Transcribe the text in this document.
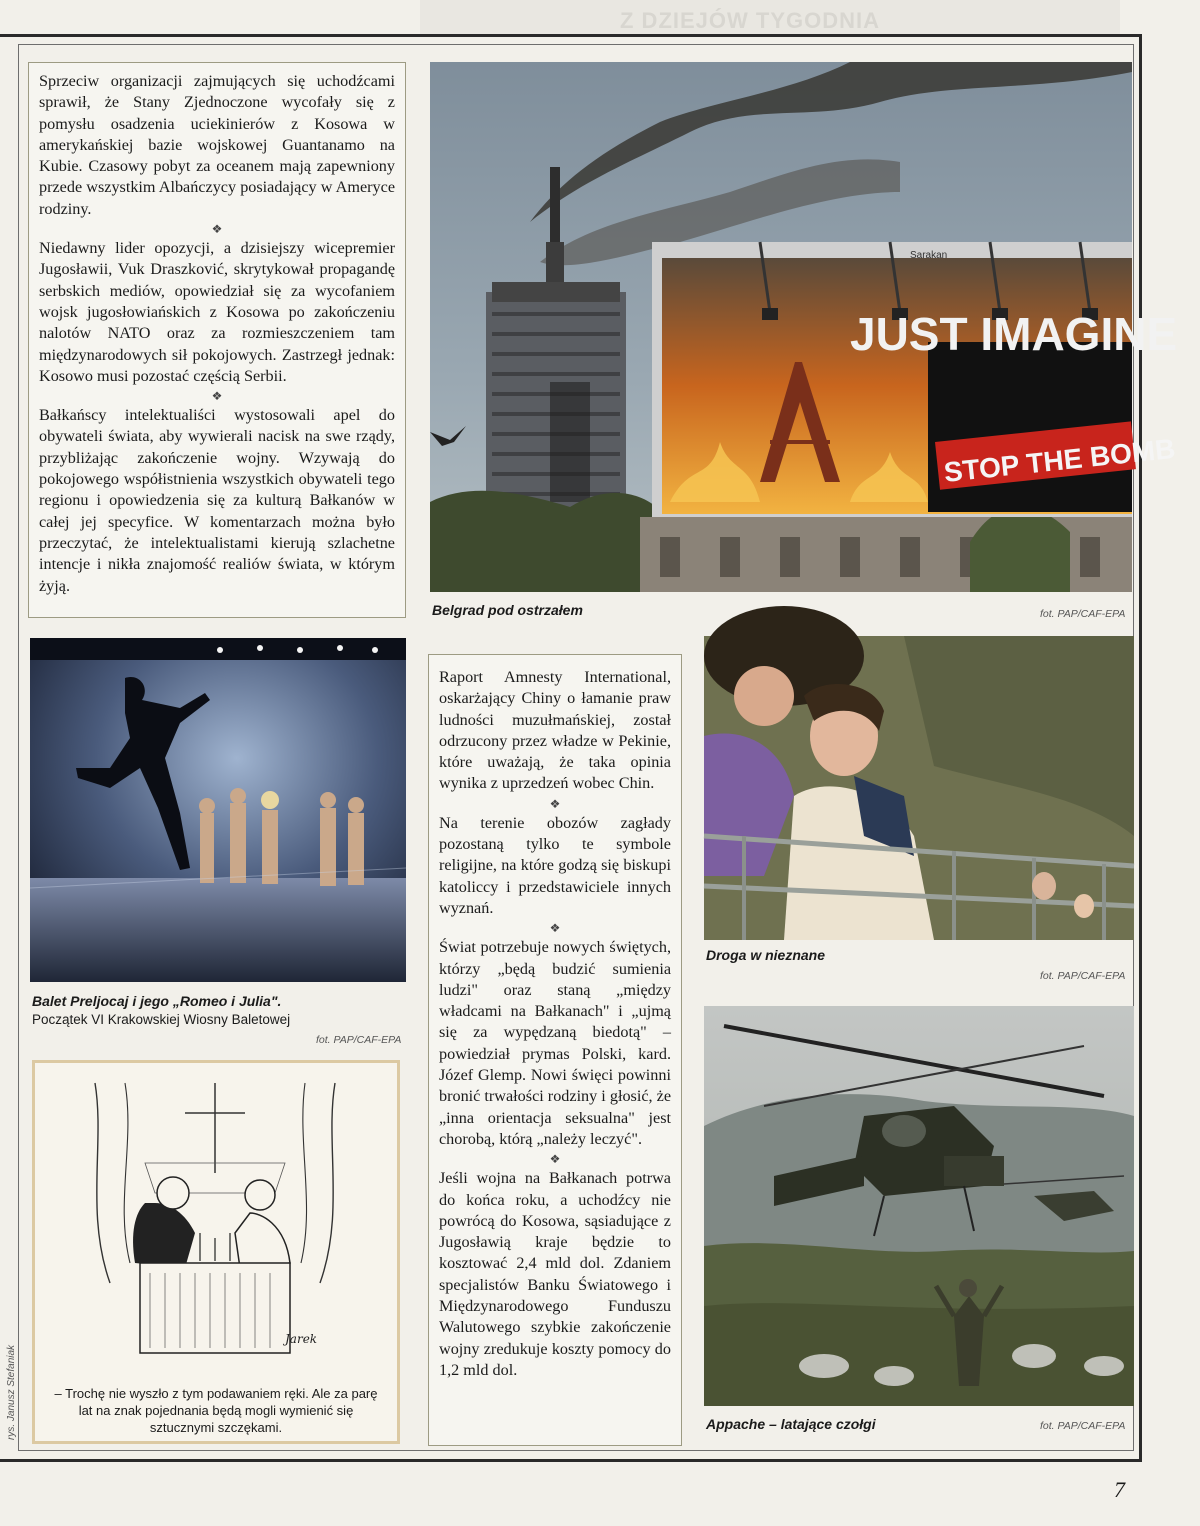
Z DZIEJÓW TYGODNIA
Sprzeciw organizacji zajmujących się uchodźcami sprawił, że Stany Zjednoczone wycofały się z pomysłu osadzenia uciekinierów z Kosowa w amerykańskiej bazie wojskowej Guantanamo na Kubie. Czasowy pobyt za oceanem mają zapewniony przede wszystkim Albańczycy posiadający w Ameryce rodziny.
❖
Niedawny lider opozycji, a dzisiejszy wicepremier Jugosławii, Vuk Draszković, skrytykował propagandę serbskich mediów, opowiedział się za wycofaniem wojsk jugosłowiańskich z Kosowa po zakończeniu nalotów NATO oraz za rozmieszczeniem tam międzynarodowych sił pokojowych. Zastrzegł jednak: Kosowo musi pozostać częścią Serbii.
❖
Bałkańscy intelektualiści wystosowali apel do obywateli świata, aby wywierali nacisk na swe rządy, przybliżając zakończenie wojny. Wzywają do pokojowego współistnienia wszystkich obywateli tego regionu i opowiedzenia się za kulturą Bałkanów w całej jej specyfice. W komentarzach można było przeczytać, że intelektualistami kierują szlachetne intencje i nikła znajomość realiów świata, w którym żyją.
JUST IMAGINE
STOP THE BOMB
Sarakan
Belgrad pod ostrzałem	fot. PAP/CAF-EPA
Balet Preljocaj i jego „Romeo i Julia".
Początek VI Krakowskiej Wiosny Baletowej
fot. PAP/CAF-EPA
Jarek
– Trochę nie wyszło z tym podawaniem ręki. Ale za parę lat na znak pojednania będą mogli wymienić się sztucznymi szczękami.
rys. Janusz Stefaniak
Raport Amnesty International, oskarżający Chiny o łamanie praw ludności muzułmańskiej, został odrzucony przez władze w Pekinie, które uważają, że taka opinia wynika z uprzedzeń wobec Chin.
❖
Na terenie obozów zagłady pozostaną tylko te symbole religijne, na które godzą się biskupi katoliccy i przedstawiciele innych wyznań.
❖
Świat potrzebuje nowych świętych, którzy „będą budzić sumienia ludzi" oraz staną „między władcami na Bałkanach" i „ujmą się za wypędzaną biedotą" – powiedział prymas Polski, kard. Józef Glemp. Nowi święci powinni bronić trwałości rodziny i głosić, że „inna orientacja seksualna" jest chorobą, którą „należy leczyć".
❖
Jeśli wojna na Bałkanach potrwa do końca roku, a uchodźcy nie powrócą do Kosowa, sąsiadujące z Jugosławią kraje będzie to kosztować 2,4 mld dol. Zdaniem specjalistów Banku Światowego i Międzynarodowego Funduszu Walutowego szybkie zakończenie wojny zredukuje koszty pomocy do 1,2 mld dol.
Droga w nieznane
fot. PAP/CAF-EPA
Appache – latające czołgi	fot. PAP/CAF-EPA
7
